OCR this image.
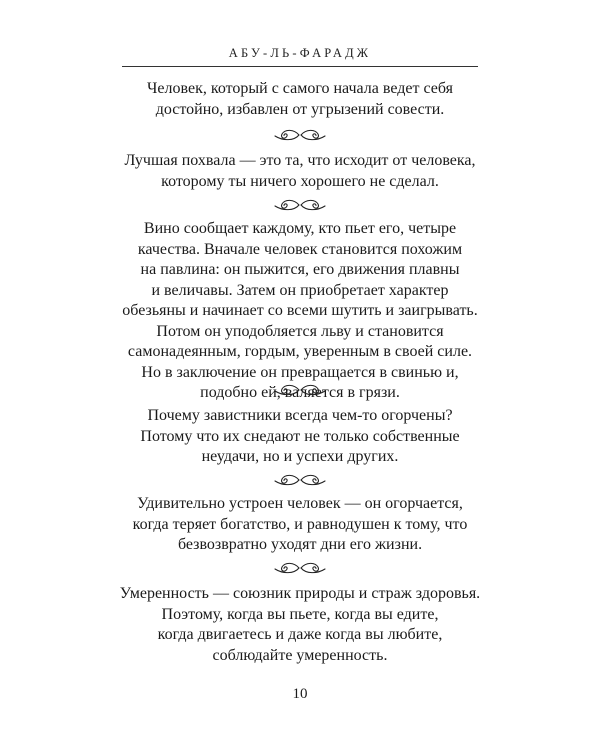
АБУ-ЛЬ-ФАРАДЖ
Человек, который с самого начала ведет себя
достойно, избавлен от угрызений совести.
Лучшая похвала — это та, что исходит от человека,
которому ты ничего хорошего не сделал.
Вино сообщает каждому, кто пьет его, четыре
качества. Вначале человек становится похожим
на павлина: он пыжится, его движения плавны
и величавы. Затем он приобретает характер
обезьяны и начинает со всеми шутить и заигрывать.
Потом он уподобляется льву и становится
самонадеянным, гордым, уверенным в своей силе.
Но в заключение он превращается в свинью и,
подобно ей, валяется в грязи.
Почему завистники всегда чем-то огорчены?
Потому что их снедают не только собственные
неудачи, но и успехи других.
Удивительно устроен человек — он огорчается,
когда теряет богатство, и равнодушен к тому, что
безвозвратно уходят дни его жизни.
Умеренность — союзник природы и страж здоровья.
Поэтому, когда вы пьете, когда вы едите,
когда двигаетесь и даже когда вы любите,
соблюдайте умеренность.
10
